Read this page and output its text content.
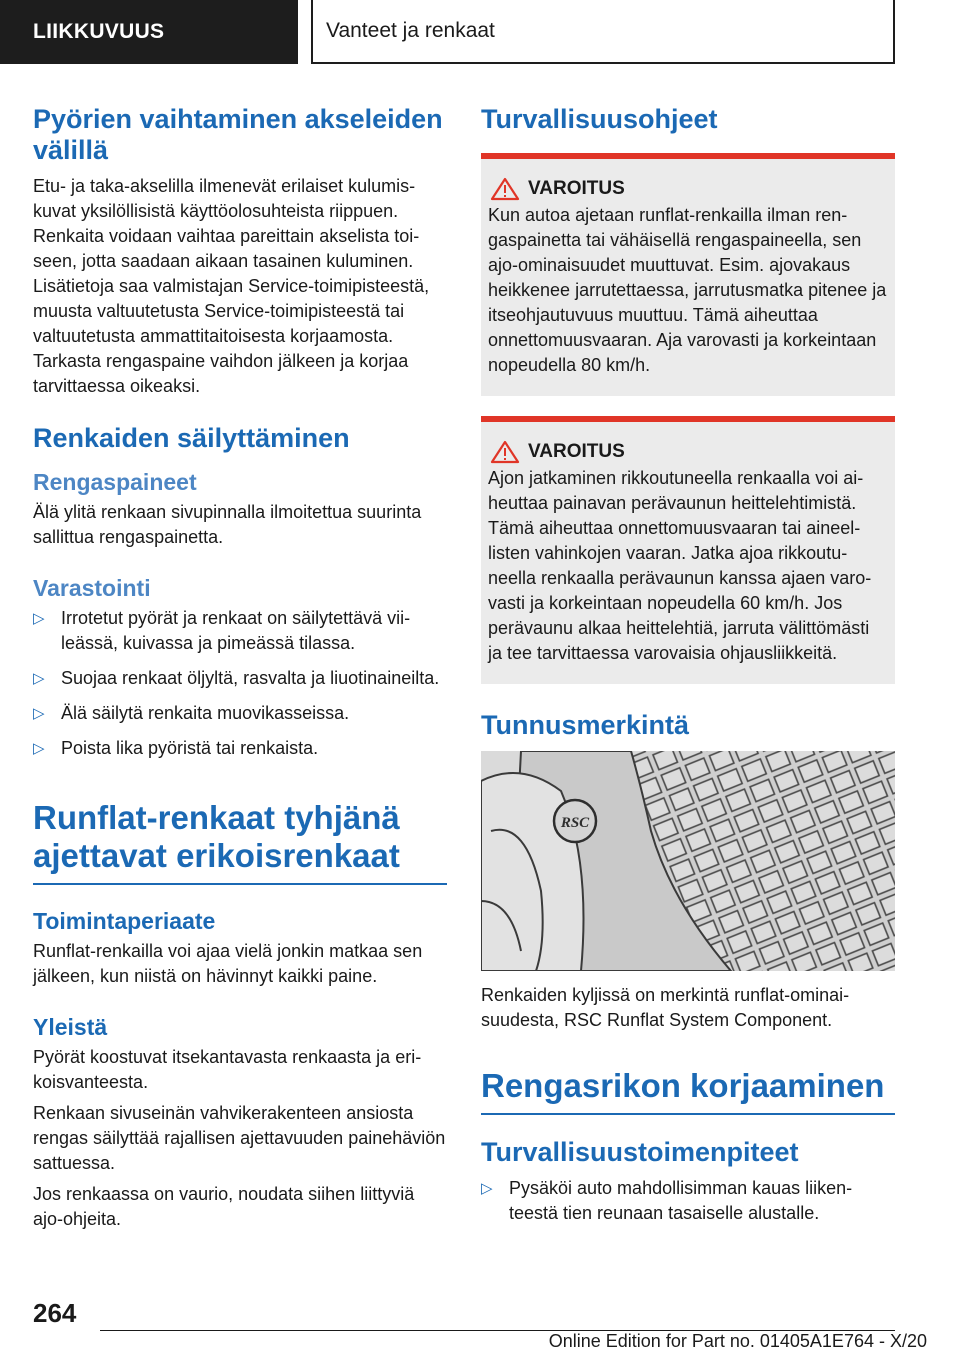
LIIKKUVUUS	Vanteet ja renkaat
Pyörien vaihtaminen akseleiden välillä

Etu- ja taka-akselilla ilmenevät erilaiset kulumiskuvat yksilöllisistä käyttöolosuhteista riippuen. Renkaita voidaan vaihtaa pareittain akselista toiseen, jotta saadaan aikaan tasainen kuluminen. Lisätietoja saa valmistajan Service-toimipisteestä, muusta valtuutetusta Service-toimipisteestä tai valtuutetusta ammattitaitoisesta korjaamosta. Tarkasta rengaspaine vaihdon jälkeen ja korjaa tarvittaessa oikeaksi.

Renkaiden säilyttäminen
Rengaspaineet

Älä ylitä renkaan sivupinnalla ilmoitettua suurinta sallittua rengaspainetta.

Varastointi
▷ Irrotetut pyörät ja renkaat on säilytettävä viileässä, kuivassa ja pimeässä tilassa.
▷ Suojaa renkaat öljyltä, rasvalta ja liuotinaineilta.
▷ Älä säilytä renkaita muovikasseissa.
▷ Poista lika pyöristä tai renkaista.
Runflat-renkaat tyhjänä ajettavat erikoisrenkaat
Toimintaperiaate

Runflat-renkailla voi ajaa vielä jonkin matkaa sen jälkeen, kun niistä on hävinnyt kaikki paine.

Yleistä

Pyörät koostuvat itsekantavasta renkaasta ja erikoisvanteesta.

Renkaan sivuseinän vahvikerakenteen ansiosta rengas säilyttää rajallisen ajettavuuden painehäviön sattuessa.

Jos renkaassa on vaurio, noudata siihen liittyviä ajo-ohjeita.

Turvallisuusohjeet
VAROITUS

Kun autoa ajetaan runflat-renkailla ilman rengaspainetta tai vähäisellä rengaspaineella, sen ajo-ominaisuudet muuttuvat. Esim. ajovakaus heikkenee jarrutettaessa, jarrutusmatka pitenee ja itseohjautuvuus muuttuu. Tämä aiheuttaa onnettomuusvaaran. Aja varovasti ja korkeintaan nopeudella 80 km/h.

VAROITUS

Ajon jatkaminen rikkoutuneella renkaalla voi aiheuttaa painavan perävaunun heittelehtimistä. Tämä aiheuttaa onnettomuusvaaran tai aineellisten vahinkojen vaaran. Jatka ajoa rikkoutuneella renkaalla perävaunun kanssa ajaen varovasti ja korkeintaan nopeudella 60 km/h. Jos perävaunu alkaa heittelehtiä, jarruta välittömästi ja tee tarvittaessa varovaisia ohjausliikkeitä.

Tunnusmerkintä
RSC

Renkaiden kyljissä on merkintä runflat-ominaisuudesta, RSC Runflat System Component.

Rengasrikon korjaaminen
Turvallisuustoimenpiteet
▷ Pysäköi auto mahdollisimman kauas liikenteestä tien reunaan tasaiselle alustalle.
264
Online Edition for Part no. 01405A1E764 - X/20
